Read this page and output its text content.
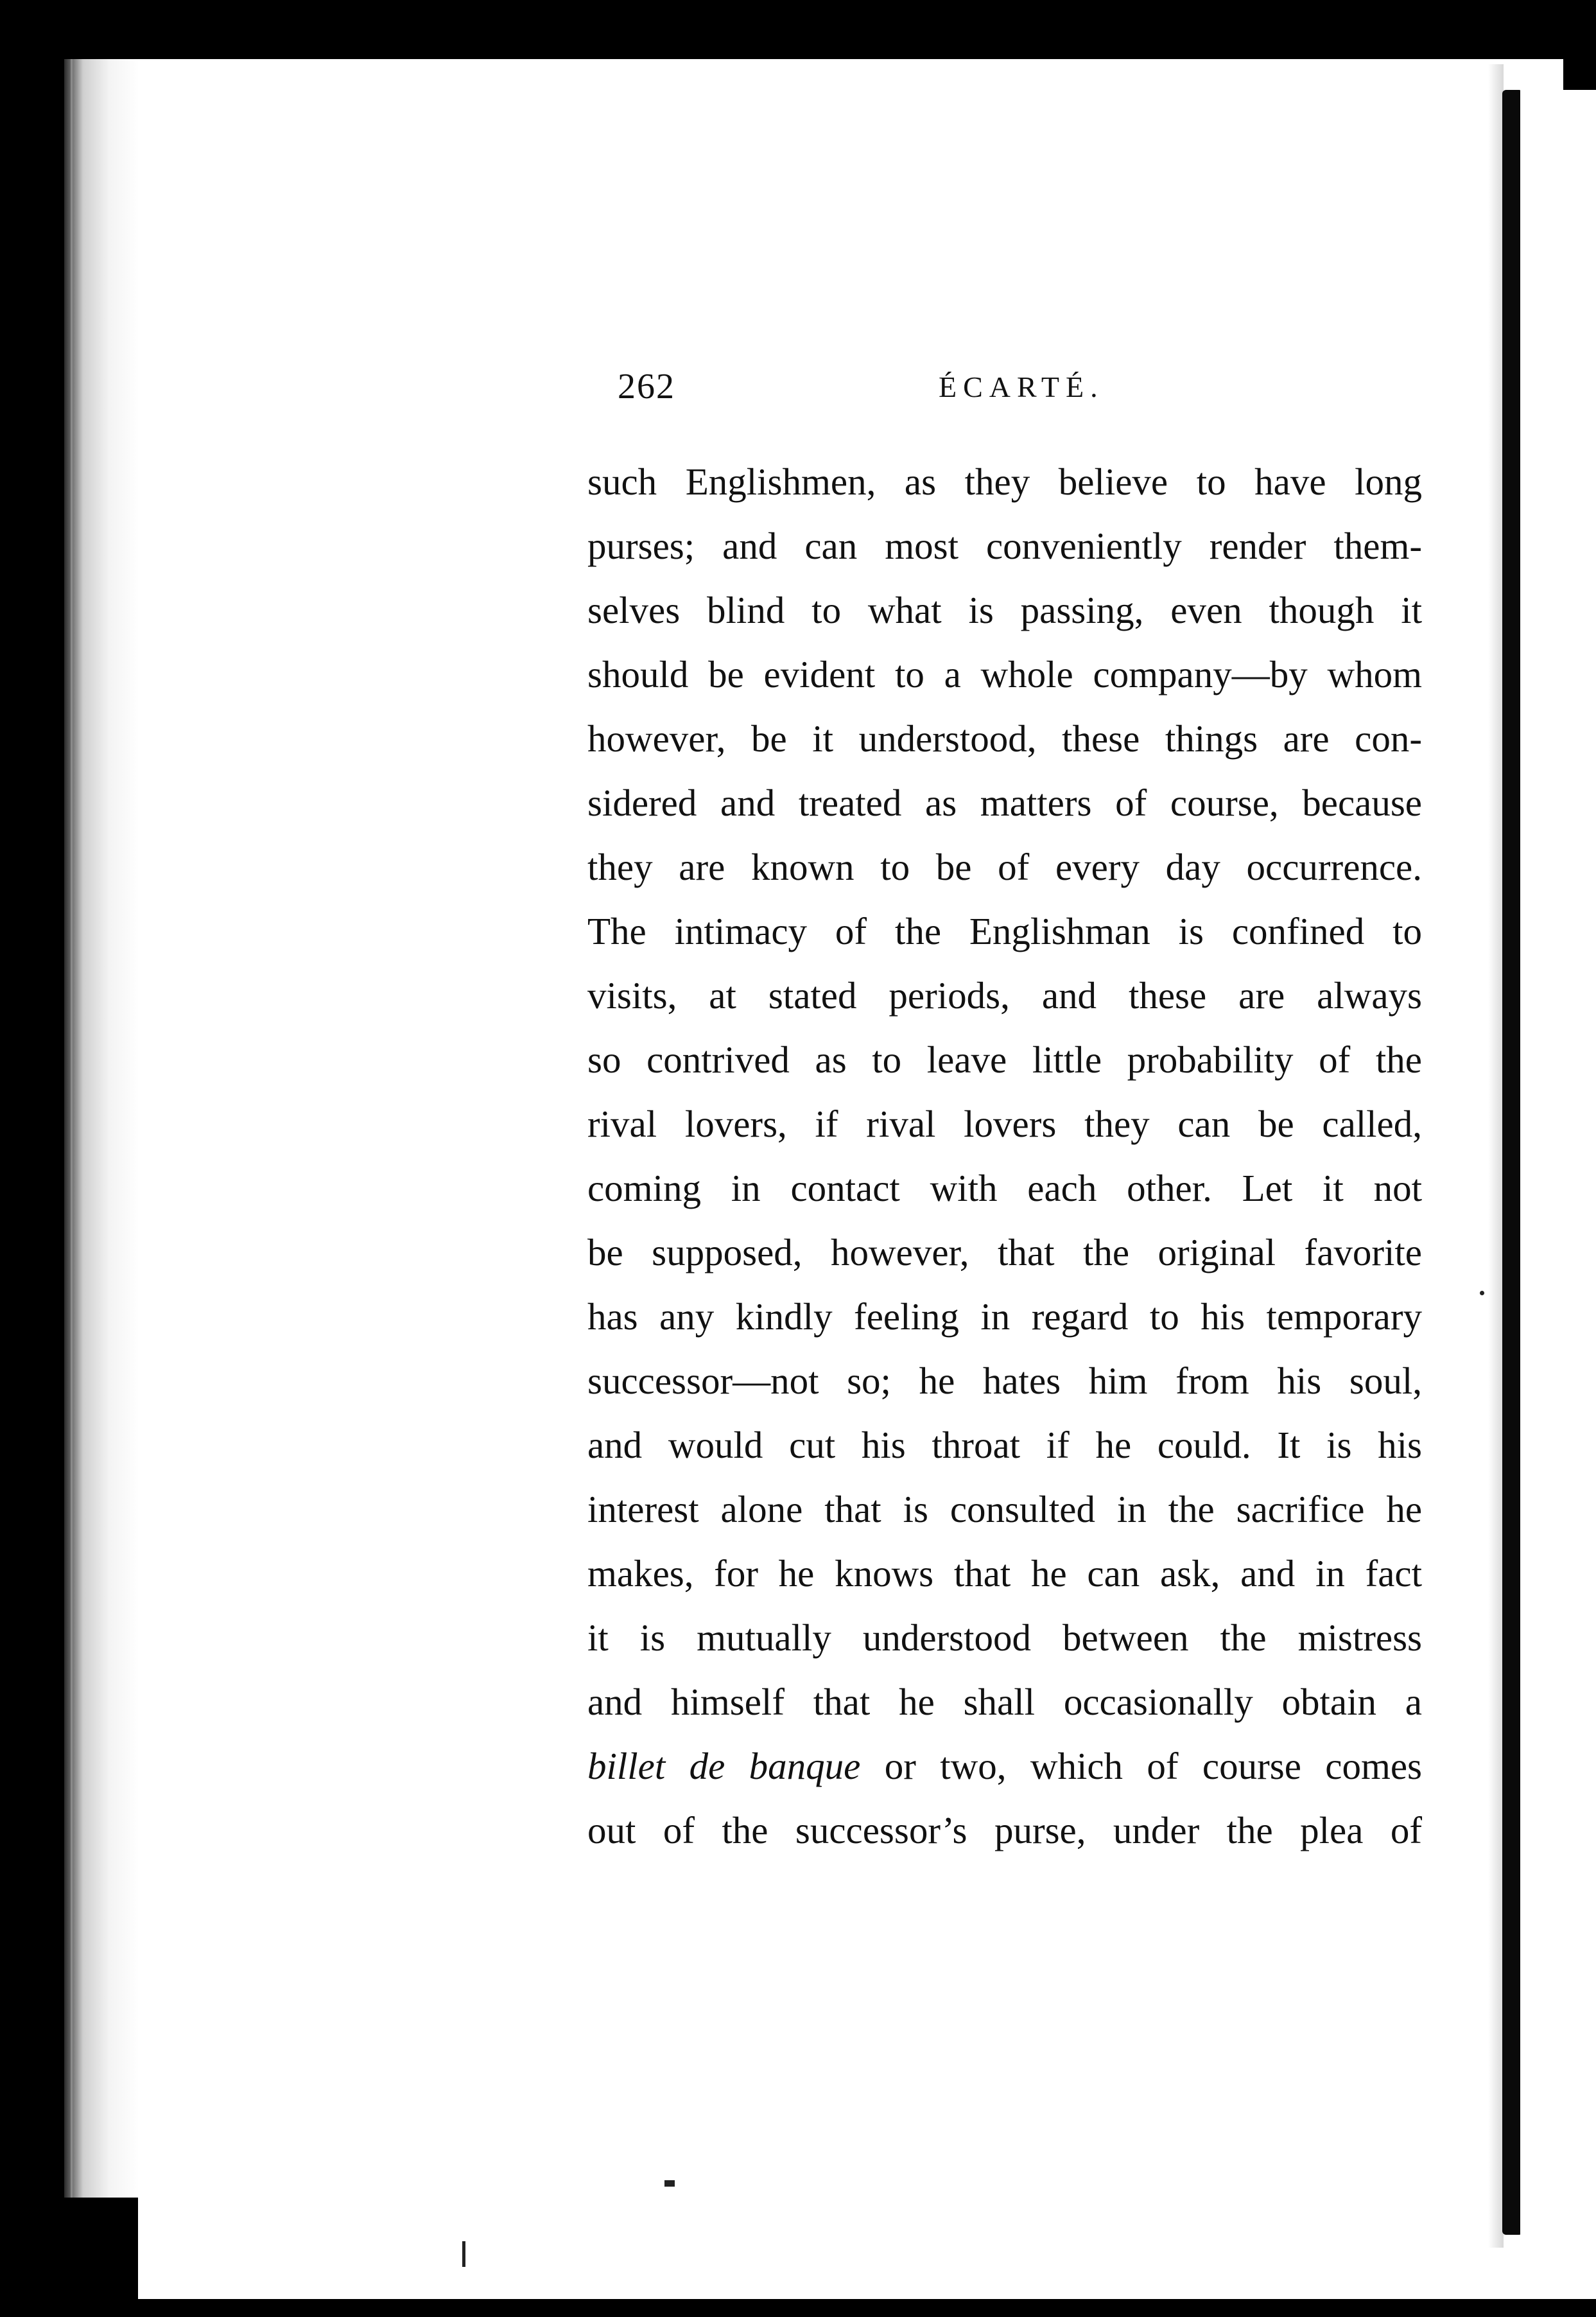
262	ÉCARTÉ.
such Englishmen, as they believe to have long
purses; and can most conveniently render them-
selves blind to what is passing, even though it
should be evident to a whole company—by whom
however, be it understood, these things are con-
sidered and treated as matters of course, because
they are known to be of every day occurrence.
The intimacy of the Englishman is confined to
visits, at stated periods, and these are always
so contrived as to leave little probability of the
rival lovers, if rival lovers they can be called,
coming in contact with each other. Let it not
be supposed, however, that the original favorite
has any kindly feeling in regard to his temporary
successor—not so; he hates him from his soul,
and would cut his throat if he could. It is his
interest alone that is consulted in the sacrifice he
makes, for he knows that he can ask, and in fact
it is mutually understood between the mistress
and himself that he shall occasionally obtain a
billet de banque or two, which of course comes
out of the successor’s purse, under the plea of
